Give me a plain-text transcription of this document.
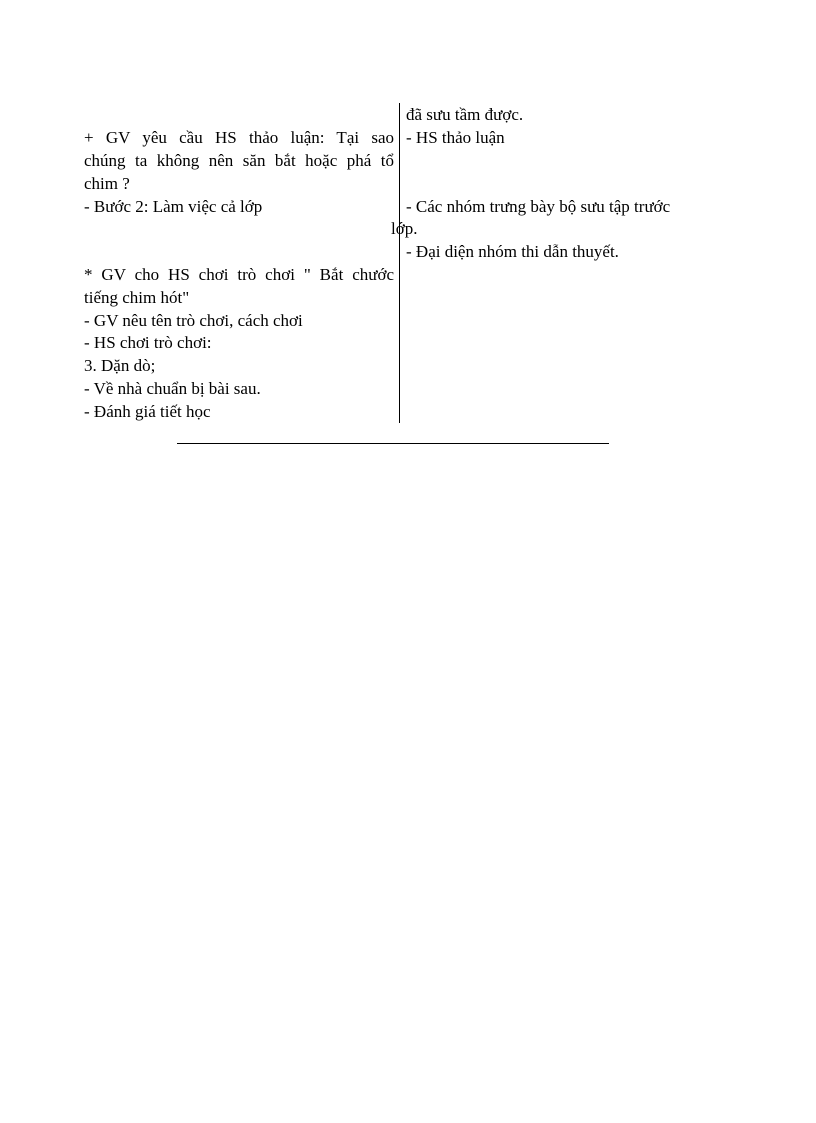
+ GV yêu cầu HS thảo luận: Tại sao
chúng ta không nên săn bắt hoặc phá tổ
chim ?
- Bước 2: Làm việc cả lớp
* GV cho HS chơi trò chơi " Bắt chước
tiếng chim hót"
- GV nêu tên trò chơi, cách chơi
- HS chơi trò chơi:
3. Dặn dò;
- Về nhà chuẩn bị bài sau.
- Đánh giá tiết học
đã sưu tầm được.
- HS thảo luận
- Các nhóm trưng bày bộ sưu tập trước
lớp.
- Đại diện nhóm thi dẫn thuyết.
